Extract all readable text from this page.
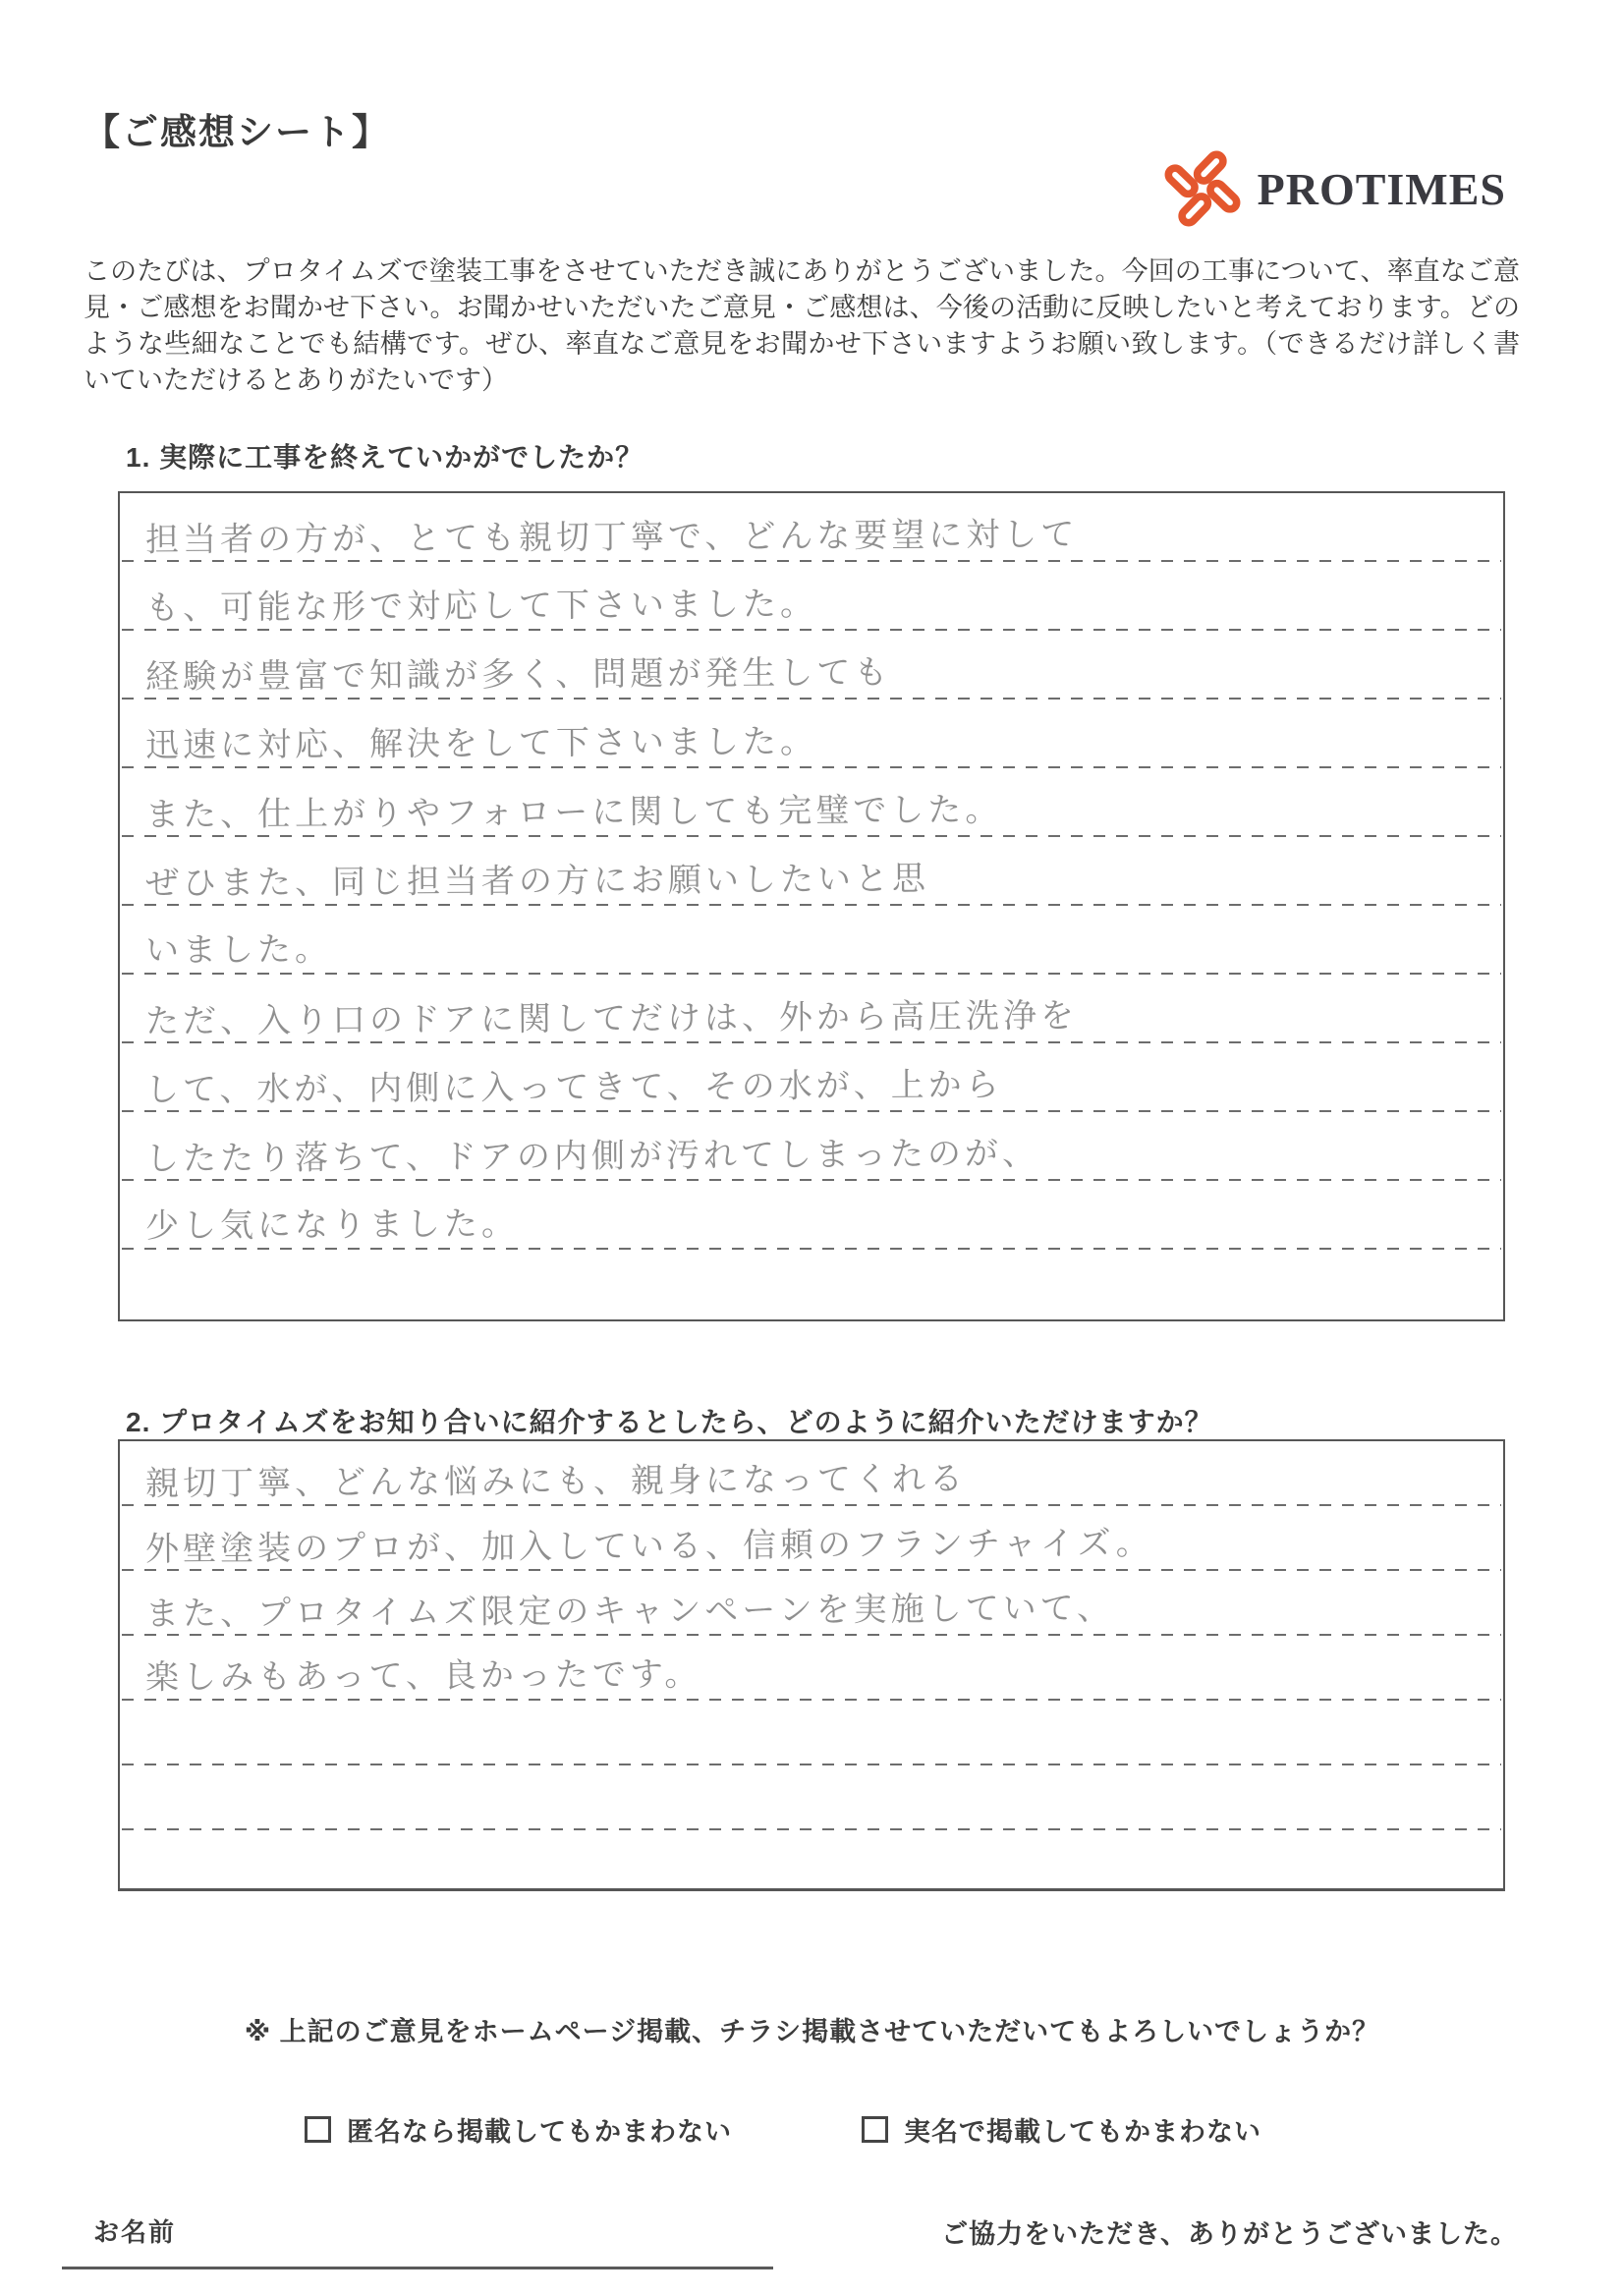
【ご感想シート】
PROTIMES
このたびは、プロタイムズで塗装工事をさせていただき誠にありがとうございました。今回の工事について、率直なご意見・ご感想をお聞かせ下さい。お聞かせいただいたご意見・ご感想は、今後の活動に反映したいと考えております。どのような些細なことでも結構です。ぜひ、率直なご意見をお聞かせ下さいますようお願い致します。（できるだけ詳しく書いていただけるとありがたいです）
1. 実際に工事を終えていかがでしたか？
担当者の方が、とても親切丁寧で、どんな要望に対して
も、可能な形で対応して下さいました。
経験が豊富で知識が多く、問題が発生しても
迅速に対応、解決をして下さいました。
また、仕上がりやフォローに関しても完璧でした。
ぜひまた、同じ担当者の方にお願いしたいと思
いました。
ただ、入り口のドアに関してだけは、外から高圧洗浄を
して、水が、内側に入ってきて、その水が、上から
したたり落ちて、ドアの内側が汚れてしまったのが、
少し気になりました。
2. プロタイムズをお知り合いに紹介するとしたら、どのように紹介いただけますか？
親切丁寧、どんな悩みにも、親身になってくれる
外壁塗装のプロが、加入している、信頼のフランチャイズ。
また、プロタイムズ限定のキャンペーンを実施していて、
楽しみもあって、良かったです。
※ 上記のご意見をホームページ掲載、チラシ掲載させていただいてもよろしいでしょうか？
匿名なら掲載してもかまわない	実名で掲載してもかまわない
お名前	ご協力をいただき、ありがとうございました。
